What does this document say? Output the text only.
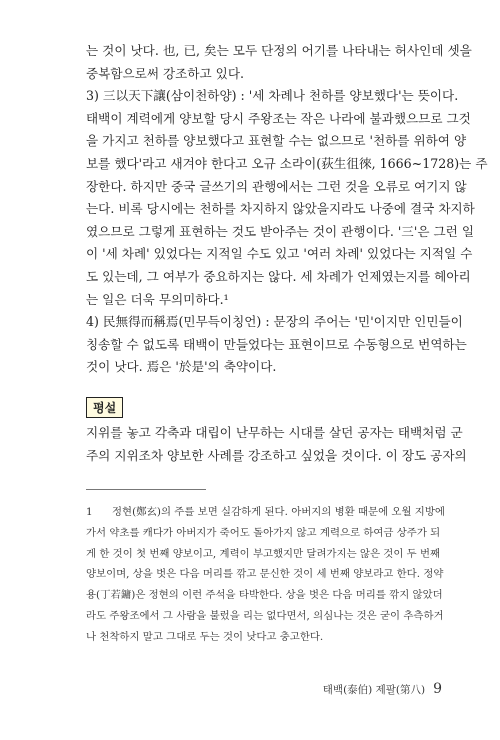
는 것이 낫다. 也, 已, 矣는 모두 단정의 어기를 나타내는 허사인데 셋을

중복함으로써 강조하고 있다.

3) 三以天下讓(삼이천하양) : '세 차례나 천하를 양보했다'는 뜻이다.

태백이 계력에게 양보할 당시 주왕조는 작은 나라에 불과했으므로 그것

을 가지고 천하를 양보했다고 표현할 수는 없으므로 '천하를 위하여 양

보를 했다'라고 새겨야 한다고 오규 소라이(荻生徂徠, 1666~1728)는 주

장한다. 하지만 중국 글쓰기의 관행에서는 그런 것을 오류로 여기지 않

는다. 비록 당시에는 천하를 차지하지 않았을지라도 나중에 결국 차지하

였으므로 그렇게 표현하는 것도 받아주는 것이 관행이다. '三'은 그런 일

이 '세 차례' 있었다는 지적일 수도 있고 '여러 차례' 있었다는 지적일 수

도 있는데, 그 여부가 중요하지는 않다. 세 차례가 언제였는지를 헤아리

는 일은 더욱 무의미하다.¹

4) 民無得而稱焉(민무득이칭언) : 문장의 주어는 '민'이지만 인민들이

칭송할 수 없도록 태백이 만들었다는 표현이므로 수동형으로 번역하는

것이 낫다. 焉은 '於是'의 축약이다.

평설

지위를 놓고 각축과 대립이 난무하는 시대를 살던 공자는 태백처럼 군

주의 지위조차 양보한 사례를 강조하고 싶었을 것이다. 이 장도 공자의

1 정현(鄭玄)의 주를 보면 실감하게 된다. 아버지의 병환 때문에 오월 지방에

가서 약초를 캐다가 아버지가 죽어도 돌아가지 않고 계력으로 하여금 상주가 되

게 한 것이 첫 번째 양보이고, 계력이 부고했지만 달려가지는 않은 것이 두 번째

양보이며, 상을 벗은 다음 머리를 깎고 문신한 것이 세 번째 양보라고 한다. 정약

용(丁若鏞)은 정현의 이런 주석을 타박한다. 상을 벗은 다음 머리를 깎지 않았더

라도 주왕조에서 그 사람을 불렀을 리는 없다면서, 의심나는 것은 굳이 추측하거

나 천착하지 말고 그대로 두는 것이 낫다고 충고한다.

태백(泰伯) 제팔(第八) 9
